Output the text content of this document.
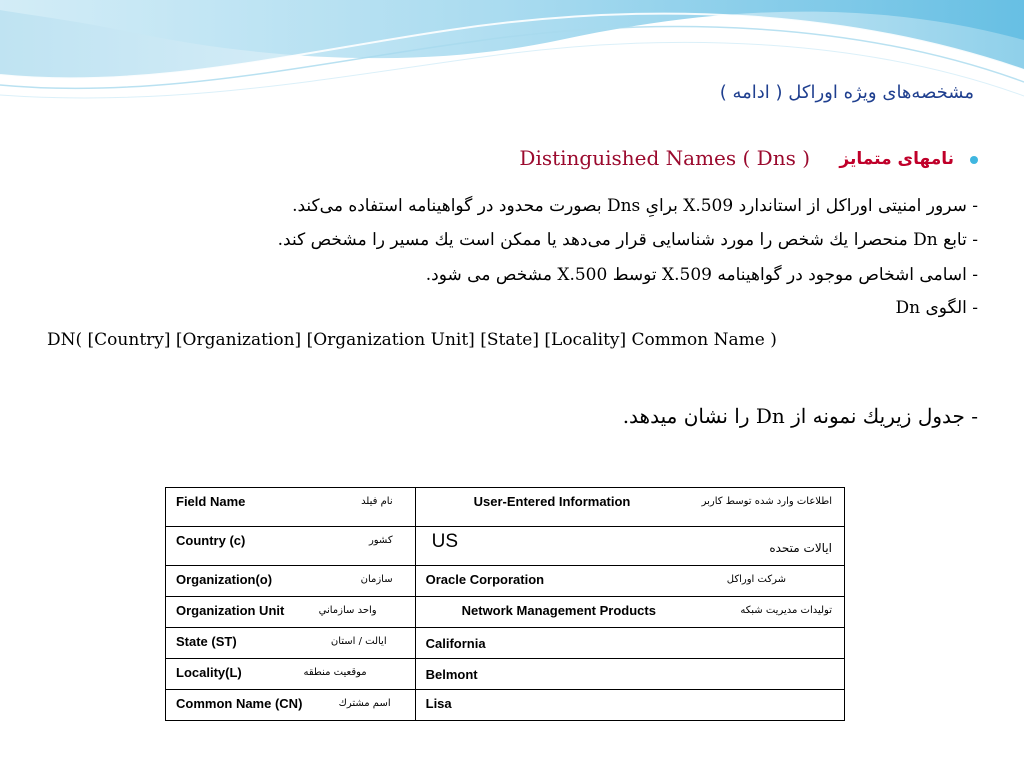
مشخصه‌های ویژه اوراکل ( ادامه )
نامهای متمایز
Distinguished Names ( Dns )
- سرور امنيتی اوراکل از استاندارد X.509 برایِ Dns بصورت محدود در گواهینامه استفاده می‌کند.
- تابع Dn منحصرا يك شخص را مورد شناسايی قرار می‌دهد يا ممكن است يك مسير را مشخص كند.
- اسامی اشخاص موجود در گواهینامه X.509 توسط X.500 مشخص می شود.
- الگوی Dn
DN( [Country] [Organization] [Organization Unit] [State] [Locality] Common Name )
- جدول زيريك نمونه از Dn را نشان ميدهد.
Field Name نام فيلد	User-Entered Information اطلاعات وارد شده توسط کاربر

Country (c) کشور	US ایالات متحده

Organization(o) سازمان	Oracle Corporation شرکت اوراکل

Organization Unit واحد سازماني	Network Management Products تولیدات مديريت شبکه

State (ST) ايالت / استان	California

Locality(L) موقعيت منطقه	Belmont

Common Name (CN) اسم مشترك	Lisa
